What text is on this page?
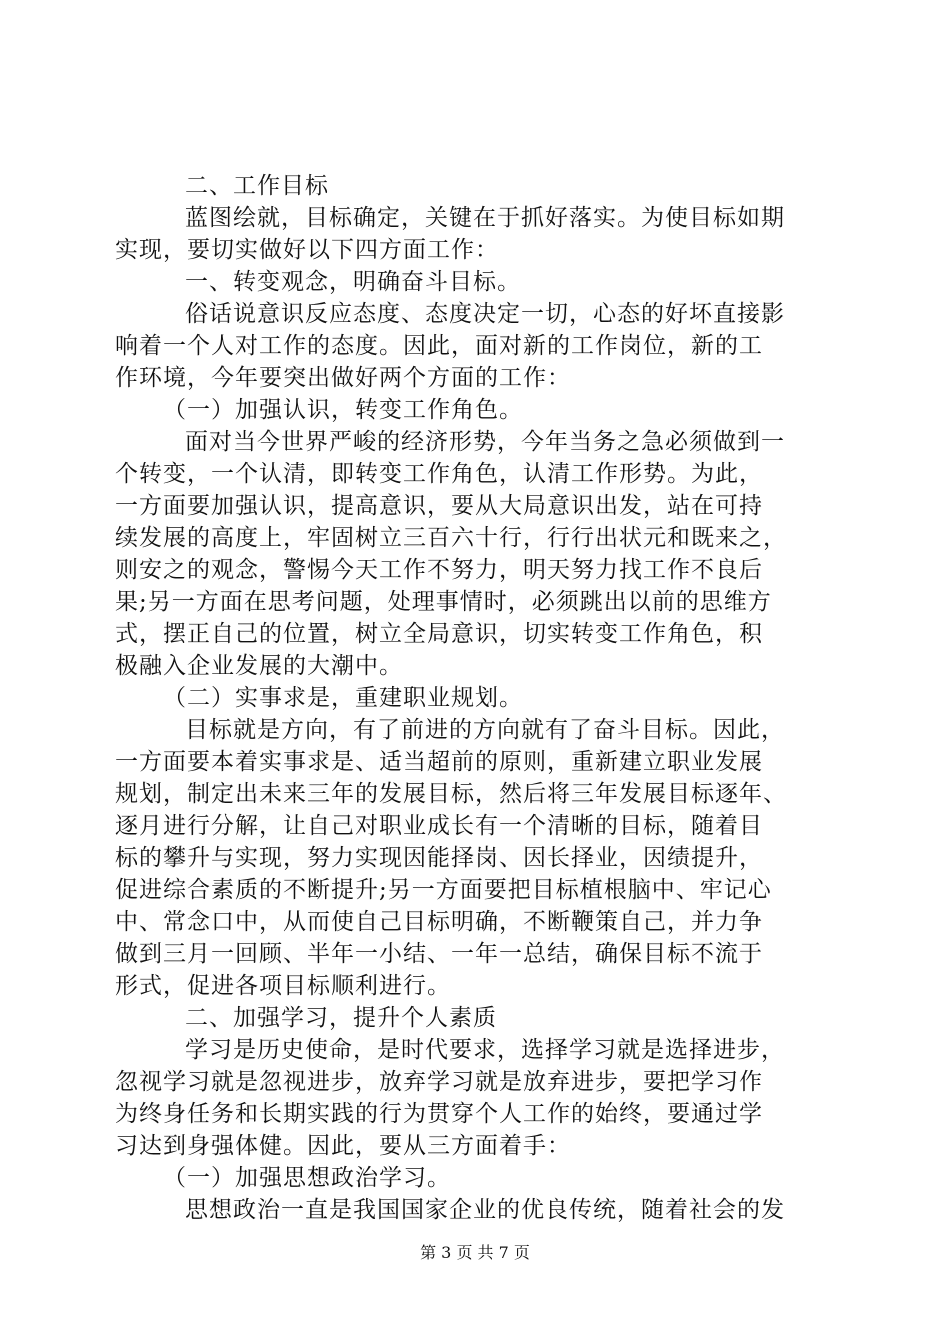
二、工作目标
蓝图绘就，目标确定，关键在于抓好落实。为使目标如期
实现，要切实做好以下四方面工作：
一、转变观念，明确奋斗目标。
俗话说意识反应态度、态度决定一切，心态的好坏直接影
响着一个人对工作的态度。因此，面对新的工作岗位，新的工
作环境，今年要突出做好两个方面的工作：
（一）加强认识，转变工作角色。
面对当今世界严峻的经济形势，今年当务之急必须做到一
个转变，一个认清，即转变工作角色，认清工作形势。为此，
一方面要加强认识，提高意识，要从大局意识出发，站在可持
续发展的高度上，牢固树立三百六十行，行行出状元和既来之，
则安之的观念，警惕今天工作不努力，明天努力找工作不良后
果;另一方面在思考问题，处理事情时，必须跳出以前的思维方
式，摆正自己的位置，树立全局意识，切实转变工作角色，积
极融入企业发展的大潮中。
（二）实事求是，重建职业规划。
目标就是方向，有了前进的方向就有了奋斗目标。因此，
一方面要本着实事求是、适当超前的原则，重新建立职业发展
规划，制定出未来三年的发展目标，然后将三年发展目标逐年、
逐月进行分解，让自己对职业成长有一个清晰的目标，随着目
标的攀升与实现，努力实现因能择岗、因长择业，因绩提升，
促进综合素质的不断提升;另一方面要把目标植根脑中、牢记心
中、常念口中，从而使自己目标明确，不断鞭策自己，并力争
做到三月一回顾、半年一小结、一年一总结，确保目标不流于
形式，促进各项目标顺利进行。
二、加强学习，提升个人素质
学习是历史使命，是时代要求，选择学习就是选择进步，
忽视学习就是忽视进步，放弃学习就是放弃进步，要把学习作
为终身任务和长期实践的行为贯穿个人工作的始终，要通过学
习达到身强体健。因此，要从三方面着手：
（一）加强思想政治学习。
思想政治一直是我国国家企业的优良传统，随着社会的发
第 3 页 共 7 页
